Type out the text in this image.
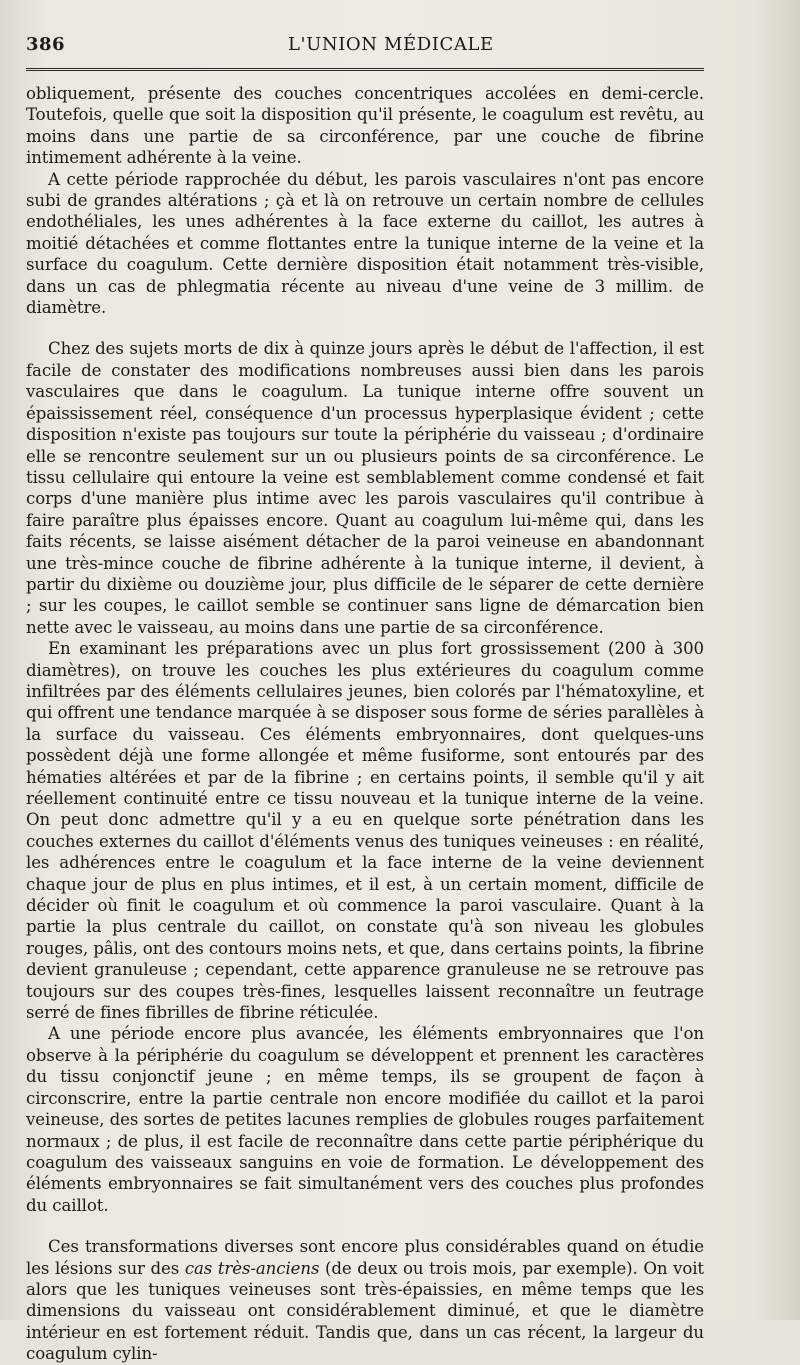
386	L'UNION MÉDICALE

obliquement, présente des couches concentriques accolées en demi-cercle. Toutefois, quelle que soit la disposition qu'il présente, le coagulum est revêtu, au moins dans une partie de sa circonférence, par une couche de fibrine intimement adhérente à la veine.

A cette période rapprochée du début, les parois vasculaires n'ont pas encore subi de grandes altérations ; çà et là on retrouve un certain nombre de cellules endothéliales, les unes adhérentes à la face externe du caillot, les autres à moitié détachées et comme flottantes entre la tunique interne de la veine et la surface du coagulum. Cette dernière disposition était notamment très-visible, dans un cas de phlegmatia récente au niveau d'une veine de 3 millim. de diamètre.

Chez des sujets morts de dix à quinze jours après le début de l'affection, il est facile de constater des modifications nombreuses aussi bien dans les parois vasculaires que dans le coagulum. La tunique interne offre souvent un épaississement réel, conséquence d'un processus hyperplasique évident ; cette disposition n'existe pas toujours sur toute la périphérie du vaisseau ; d'ordinaire elle se rencontre seulement sur un ou plusieurs points de sa circonférence. Le tissu cellulaire qui entoure la veine est semblablement comme condensé et fait corps d'une manière plus intime avec les parois vasculaires qu'il contribue à faire paraître plus épaisses encore. Quant au coagulum lui-même qui, dans les faits récents, se laisse aisément détacher de la paroi veineuse en abandonnant une très-mince couche de fibrine adhérente à la tunique interne, il devient, à partir du dixième ou douzième jour, plus difficile de le séparer de cette dernière ; sur les coupes, le caillot semble se continuer sans ligne de démarcation bien nette avec le vaisseau, au moins dans une partie de sa circonférence.

En examinant les préparations avec un plus fort grossissement (200 à 300 diamètres), on trouve les couches les plus extérieures du coagulum comme infiltrées par des éléments cellulaires jeunes, bien colorés par l'hématoxyline, et qui offrent une tendance marquée à se disposer sous forme de séries parallèles à la surface du vaisseau. Ces éléments embryonnaires, dont quelques-uns possèdent déjà une forme allongée et même fusiforme, sont entourés par des hématies altérées et par de la fibrine ; en certains points, il semble qu'il y ait réellement continuité entre ce tissu nouveau et la tunique interne de la veine. On peut donc admettre qu'il y a eu en quelque sorte pénétration dans les couches externes du caillot d'éléments venus des tuniques veineuses : en réalité, les adhérences entre le coagulum et la face interne de la veine deviennent chaque jour de plus en plus intimes, et il est, à un certain moment, difficile de décider où finit le coagulum et où commence la paroi vasculaire. Quant à la partie la plus centrale du caillot, on constate qu'à son niveau les globules rouges, pâlis, ont des contours moins nets, et que, dans certains points, la fibrine devient granuleuse ; cependant, cette apparence granuleuse ne se retrouve pas toujours sur des coupes très-fines, lesquelles laissent reconnaître un feutrage serré de fines fibrilles de fibrine réticulée.

A une période encore plus avancée, les éléments embryonnaires que l'on observe à la périphérie du coagulum se développent et prennent les caractères du tissu conjonctif jeune ; en même temps, ils se groupent de façon à circonscrire, entre la partie centrale non encore modifiée du caillot et la paroi veineuse, des sortes de petites lacunes remplies de globules rouges parfaitement normaux ; de plus, il est facile de reconnaître dans cette partie périphérique du coagulum des vaisseaux sanguins en voie de formation. Le développement des éléments embryonnaires se fait simultanément vers des couches plus profondes du caillot.

Ces transformations diverses sont encore plus considérables quand on étudie les lésions sur des cas très-anciens (de deux ou trois mois, par exemple). On voit alors que les tuniques veineuses sont très-épaissies, en même temps que les dimensions du vaisseau ont considérablement diminué, et que le diamètre intérieur en est fortement réduit. Tandis que, dans un cas récent, la largeur du coagulum cylin-
